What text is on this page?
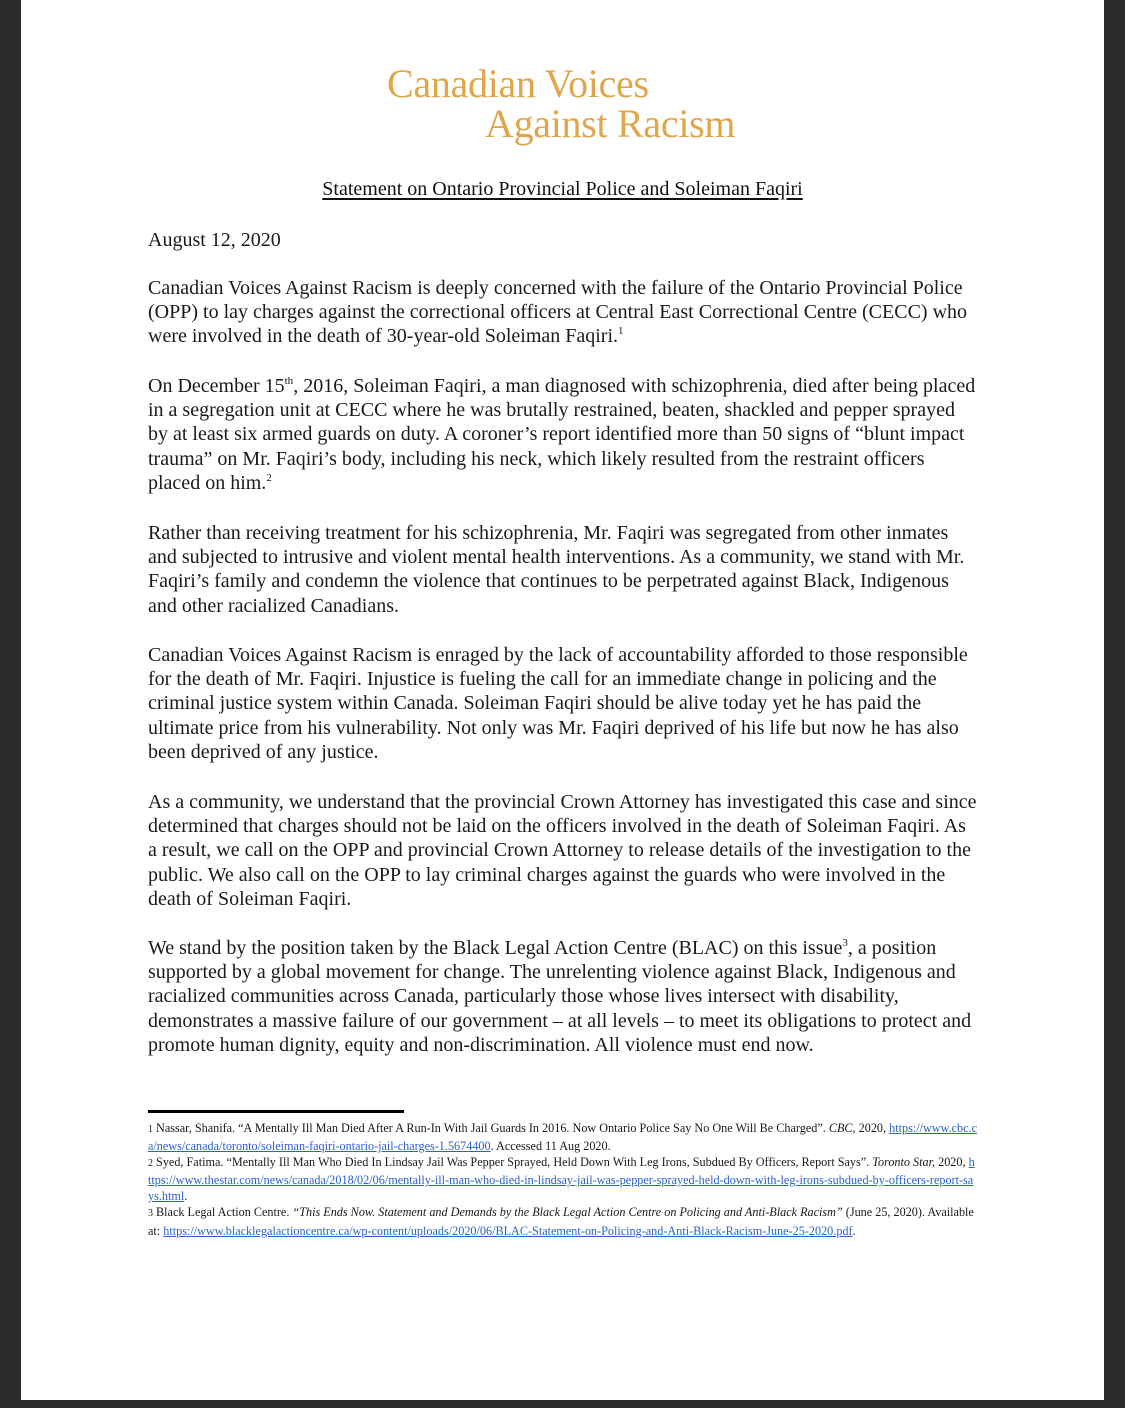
Canadian Voices
Against Racism
Statement on Ontario Provincial Police and Soleiman Faqiri
August 12, 2020

Canadian Voices Against Racism is deeply concerned with the failure of the Ontario Provincial Police (OPP) to lay charges against the correctional officers at Central East Correctional Centre (CECC) who were involved in the death of 30-year-old Soleiman Faqiri.$^1$

On December 15th, 2016, Soleiman Faqiri, a man diagnosed with schizophrenia, died after being placed in a segregation unit at CECC where he was brutally restrained, beaten, shackled and pepper sprayed by at least six armed guards on duty. A coroner’s report identified more than 50 signs of “blunt impact trauma” on Mr. Faqiri’s body, including his neck, which likely resulted from the restraint officers placed on him.$^2$

Rather than receiving treatment for his schizophrenia, Mr. Faqiri was segregated from other inmates and subjected to intrusive and violent mental health interventions. As a community, we stand with Mr. Faqiri’s family and condemn the violence that continues to be perpetrated against Black, Indigenous and other racialized Canadians.

Canadian Voices Against Racism is enraged by the lack of accountability afforded to those responsible for the death of Mr. Faqiri. Injustice is fueling the call for an immediate change in policing and the criminal justice system within Canada. Soleiman Faqiri should be alive today yet he has paid the ultimate price from his vulnerability. Not only was Mr. Faqiri deprived of his life but now he has also been deprived of any justice.

As a community, we understand that the provincial Crown Attorney has investigated this case and since determined that charges should not be laid on the officers involved in the death of Soleiman Faqiri. As a result, we call on the OPP and provincial Crown Attorney to release details of the investigation to the public. We also call on the OPP to lay criminal charges against the guards who were involved in the death of Soleiman Faqiri.

We stand by the position taken by the Black Legal Action Centre (BLAC) on this issue$^3$, a position supported by a global movement for change. The unrelenting violence against Black, Indigenous and racialized communities across Canada, particularly those whose lives intersect with disability, demonstrates a massive failure of our government – at all levels – to meet its obligations to protect and promote human dignity, equity and non-discrimination. All violence must end now.

1 Nassar, Shanifa. “A Mentally Ill Man Died After A Run-In With Jail Guards In 2016. Now Ontario Police Say No One Will Be Charged”. CBC, 2020, https://www.cbc.ca/news/canada/toronto/soleiman-faqiri-ontario-jail-charges-1.5674400. Accessed 11 Aug 2020.

2 Syed, Fatima. “Mentally Ill Man Who Died In Lindsay Jail Was Pepper Sprayed, Held Down With Leg Irons, Subdued By Officers, Report Says”. Toronto Star, 2020, https://www.thestar.com/news/canada/2018/02/06/mentally-ill-man-who-died-in-lindsay-jail-was-pepper-sprayed-held-down-with-leg-irons-subdued-by-officers-report-says.html.

3 Black Legal Action Centre. “This Ends Now. Statement and Demands by the Black Legal Action Centre on Policing and Anti-Black Racism” (June 25, 2020). Available at: https://www.blacklegalactioncentre.ca/wp-content/uploads/2020/06/BLAC-Statement-on-Policing-and-Anti-Black-Racism-June-25-2020.pdf.
